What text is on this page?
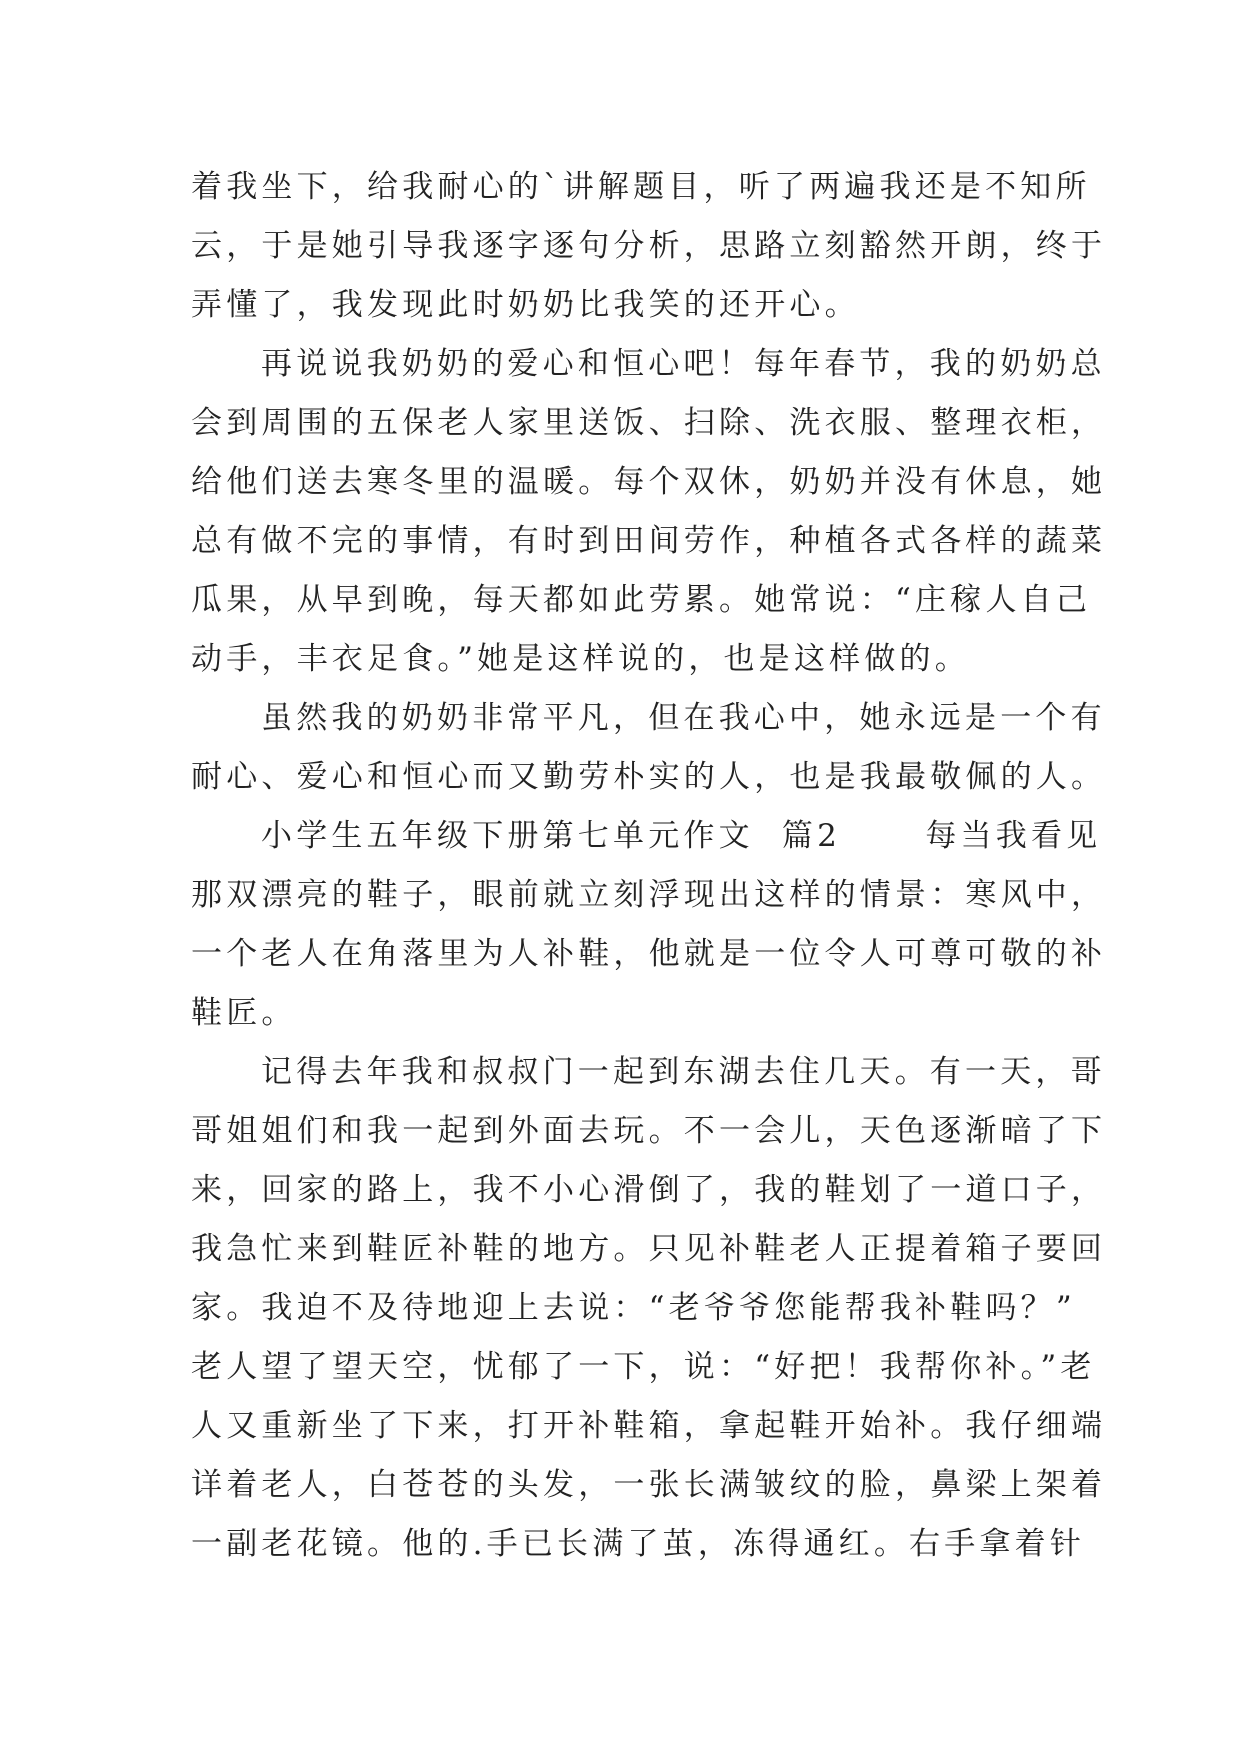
着我坐下，给我耐心的`讲解题目，听了两遍我还是不知所
云，于是她引导我逐字逐句分析，思路立刻豁然开朗，终于
弄懂了，我发现此时奶奶比我笑的还开心。
再说说我奶奶的爱心和恒心吧！每年春节，我的奶奶总
会到周围的五保老人家里送饭、扫除、洗衣服、整理衣柜，
给他们送去寒冬里的温暖。每个双休，奶奶并没有休息，她
总有做不完的事情，有时到田间劳作，种植各式各样的蔬菜
瓜果，从早到晚，每天都如此劳累。她常说：“庄稼人自己
动手，丰衣足食。”她是这样说的，也是这样做的。
虽然我的奶奶非常平凡，但在我心中，她永远是一个有
耐心、爱心和恒心而又勤劳朴实的人，也是我最敬佩的人。
小学生五年级下册第七单元作文  篇2      每当我看见
那双漂亮的鞋子，眼前就立刻浮现出这样的情景：寒风中，
一个老人在角落里为人补鞋，他就是一位令人可尊可敬的补
鞋匠。
记得去年我和叔叔门一起到东湖去住几天。有一天，哥
哥姐姐们和我一起到外面去玩。不一会儿，天色逐渐暗了下
来，回家的路上，我不小心滑倒了，我的鞋划了一道口子，
我急忙来到鞋匠补鞋的地方。只见补鞋老人正提着箱子要回
家。我迫不及待地迎上去说：“老爷爷您能帮我补鞋吗？”
老人望了望天空，忧郁了一下，说：“好把！我帮你补。”老
人又重新坐了下来，打开补鞋箱，拿起鞋开始补。我仔细端
详着老人，白苍苍的头发，一张长满皱纹的脸，鼻梁上架着
一副老花镜。他的.手已长满了茧，冻得通红。右手拿着针
